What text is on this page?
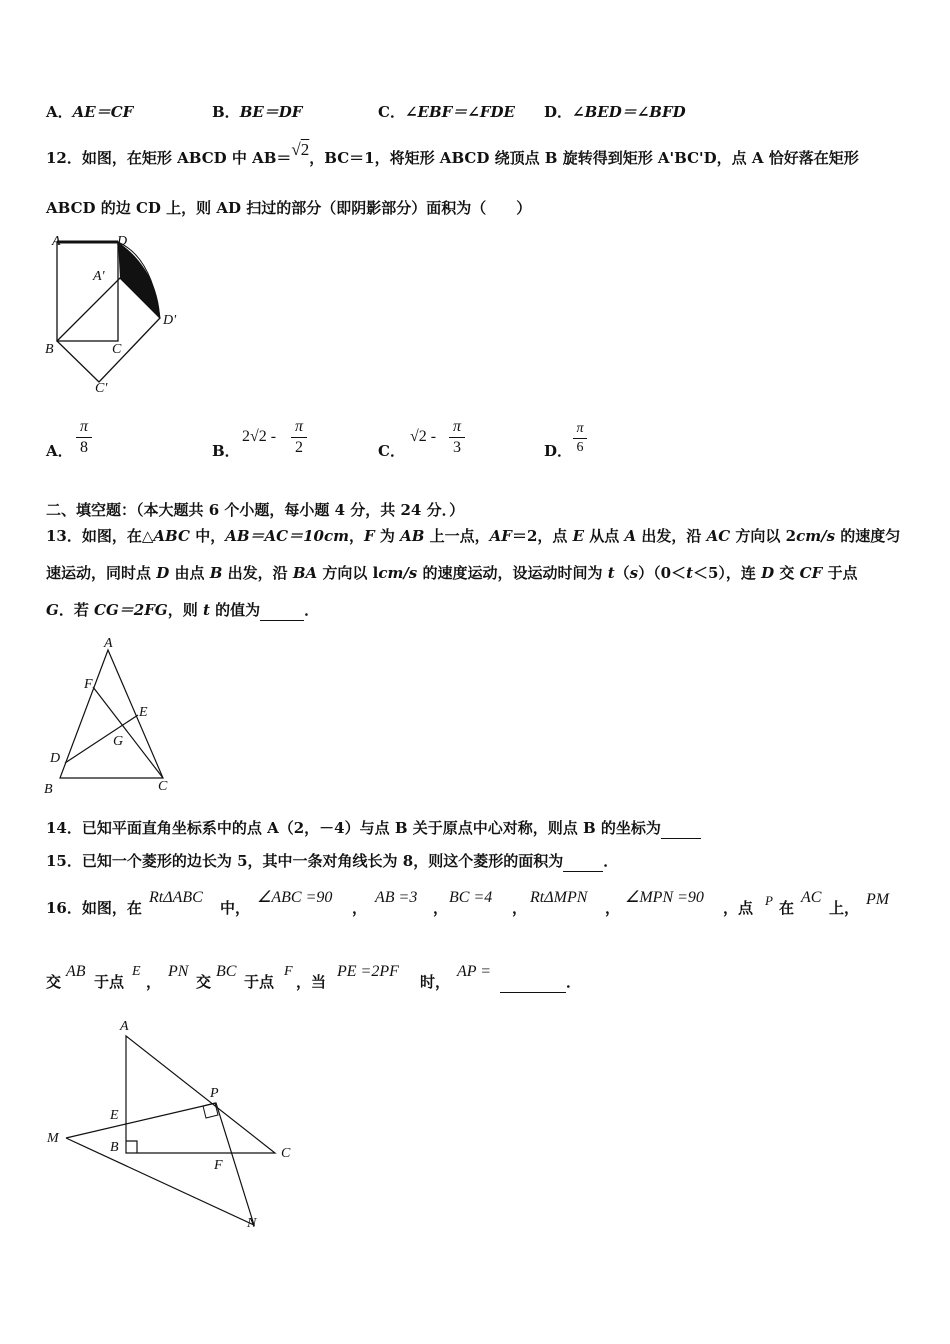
A．AE＝CF	B．BE＝DF	C．∠EBF＝∠FDE D．∠BED＝∠BFD
12．如图，在矩形 ABCD 中 AB＝√2，BC＝1，将矩形 ABCD 绕顶点 B 旋转得到矩形 A'BC'D，点 A 恰好落在矩形
ABCD 的边 CD 上，则 AD 扫过的部分（即阴影部分）面积为（　　）
A	D
A'
D'
B	C
C'
A．
π
8	B．
2√2 -
π
2	C．
√2 -
π
3	D．
π
6
二、填空题：（本大题共 6 个小题，每小题 4 分，共 24 分．）
13．如图，在△ABC 中，AB＝AC＝10cm，F 为 AB 上一点，AF＝2，点 E 从点 A 出发，沿 AC 方向以 2cm/s 的速度匀
速运动，同时点 D 由点 B 出发，沿 BA 方向以 lcm/s 的速度运动，设运动时间为 t（s）（0＜t＜5），连 D 交 CF 于点
G．若 CG＝2FG，则 t 的值为	．
A
F
E
G
D
B	C
14．已知平面直角坐标系中的点 A（2，－4）与点 B 关于原点中心对称，则点 B 的坐标为
15．已知一个菱形的边长为 5，其中一条对角线长为 8，则这个菱形的面积为	．
16．如图，在
RtΔABC
中，
∠ABC =90
，
AB =3
，
BC =4
，
RtΔMPN
，
∠MPN =90
，点 P 在
AC
上， PM
交
AB
于点
E
，
PN
交
BC
于点
F
，当
PE =2PF
时，
AP =
．
A
P
E
M
B	C
F
N
